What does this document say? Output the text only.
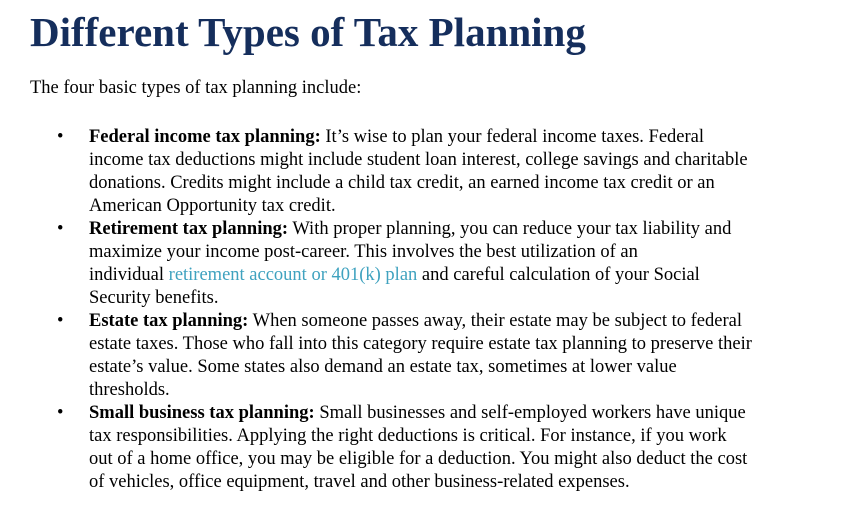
Different Types of Tax Planning

The four basic types of tax planning include:

• Federal income tax planning: It’s wise to plan your federal income taxes. Federal
income tax deductions might include student loan interest, college savings and charitable
donations. Credits might include a child tax credit, an earned income tax credit or an
American Opportunity tax credit.
• Retirement tax planning: With proper planning, you can reduce your tax liability and
maximize your income post-career. This involves the best utilization of an
individual retirement account or 401(k) plan and careful calculation of your Social
Security benefits.
• Estate tax planning: When someone passes away, their estate may be subject to federal
estate taxes. Those who fall into this category require estate tax planning to preserve their
estate’s value. Some states also demand an estate tax, sometimes at lower value
thresholds.
• Small business tax planning: Small businesses and self-employed workers have unique
tax responsibilities. Applying the right deductions is critical. For instance, if you work
out of a home office, you may be eligible for a deduction. You might also deduct the cost
of vehicles, office equipment, travel and other business-related expenses.
